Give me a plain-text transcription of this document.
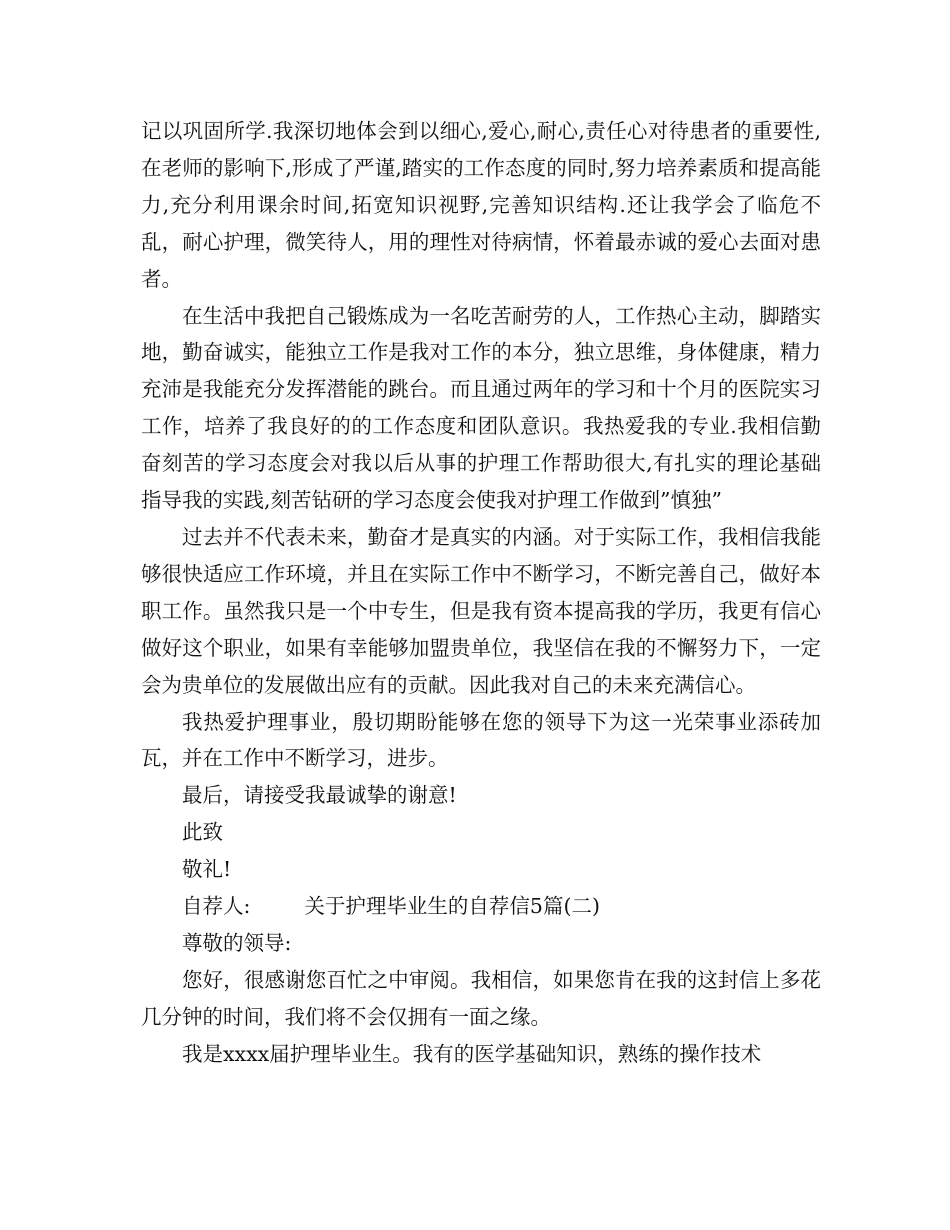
记以巩固所学.我深切地体会到以细心,爱心,耐心,责任心对待患者的重要性,在老师的影响下,形成了严谨,踏实的工作态度的同时,努力培养素质和提高能力,充分利用课余时间,拓宽知识视野,完善知识结构.还让我学会了临危不乱，耐心护理，微笑待人，用的理性对待病情，怀着最赤诚的爱心去面对患者。

在生活中我把自己锻炼成为一名吃苦耐劳的人，工作热心主动，脚踏实地，勤奋诚实，能独立工作是我对工作的本分，独立思维，身体健康，精力充沛是我能充分发挥潜能的跳台。而且通过两年的学习和十个月的医院实习工作，培养了我良好的的工作态度和团队意识。我热爱我的专业.我相信勤奋刻苦的学习态度会对我以后从事的护理工作帮助很大,有扎实的理论基础指导我的实践,刻苦钻研的学习态度会使我对护理工作做到”慎独”

过去并不代表未来，勤奋才是真实的内涵。对于实际工作，我相信我能够很快适应工作环境，并且在实际工作中不断学习，不断完善自己，做好本职工作。虽然我只是一个中专生，但是我有资本提高我的学历，我更有信心做好这个职业，如果有幸能够加盟贵单位，我坚信在我的不懈努力下，一定会为贵单位的发展做出应有的贡献。因此我对自己的未来充满信心。

我热爱护理事业，殷切期盼能够在您的领导下为这一光荣事业添砖加瓦，并在工作中不断学习，进步。

最后，请接受我最诚挚的谢意!

此致

敬礼!

自荐人:	关于护理毕业生的自荐信5篇(二)

尊敬的领导:

您好，很感谢您百忙之中审阅。我相信，如果您肯在我的这封信上多花几分钟的时间，我们将不会仅拥有一面之缘。

我是xxxx届护理毕业生。我有的医学基础知识，熟练的操作技术
